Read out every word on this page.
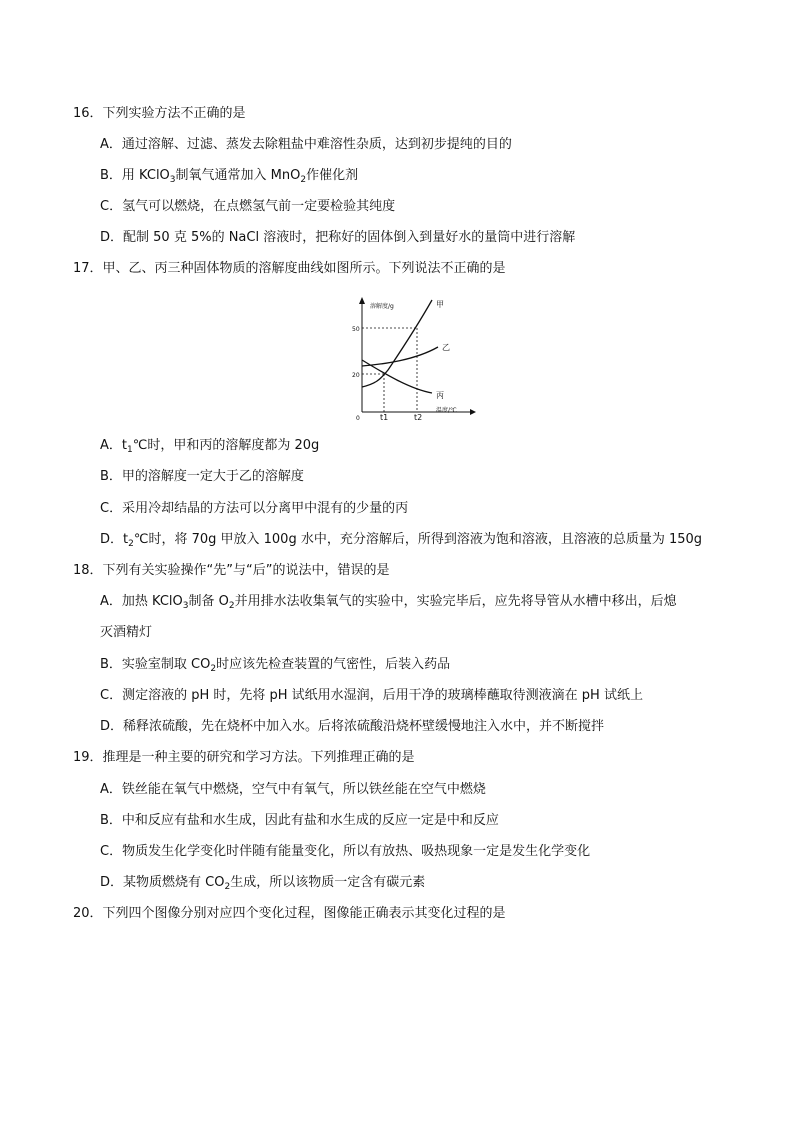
溶解度/g
温度/℃
0
50
20
t1	t2
甲
乙
丙
16．下列实验方法不正确的是
A．通过溶解、过滤、蒸发去除粗盐中难溶性杂质，达到初步提纯的目的
B．用 KClO$_3$制氧气通常加入 MnO$_2$作催化剂
C．氢气可以燃烧，在点燃氢气前一定要检验其纯度
D．配制 50 克 5%的 NaCl 溶液时，把称好的固体倒入到量好水的量筒中进行溶解
17．甲、乙、丙三种固体物质的溶解度曲线如图所示。下列说法不正确的是
A．$t_1℃$时，甲和丙的溶解度都为 20g
B．甲的溶解度一定大于乙的溶解度
C．采用冷却结晶的方法可以分离甲中混有的少量的丙
D．$t_2℃$时，将 70g 甲放入 100g 水中，充分溶解后，所得到溶液为饱和溶液，且溶液的总质量为 150g
18．下列有关实验操作“先”与“后”的说法中，错误的是
A．加热 KClO$_3$制备 $O_2$并用排水法收集氧气的实验中，实验完毕后，应先将导管从水槽中移出，后熄
灭酒精灯
B．实验室制取 $CO_2$时应该先检查装置的气密性，后装入药品
C．测定溶液的 pH 时，先将 pH 试纸用水湿润，后用干净的玻璃棒蘸取待测液滴在 pH 试纸上
D．稀释浓硫酸，先在烧杯中加入水。后将浓硫酸沿烧杯壁缓慢地注入水中，并不断搅拌
19．推理是一种主要的研究和学习方法。下列推理正确的是
A．铁丝能在氧气中燃烧，空气中有氧气，所以铁丝能在空气中燃烧
B．中和反应有盐和水生成，因此有盐和水生成的反应一定是中和反应
C．物质发生化学变化时伴随有能量变化，所以有放热、吸热现象一定是发生化学变化
D．某物质燃烧有 $CO_2$生成，所以该物质一定含有碳元素
20．下列四个图像分别对应四个变化过程，图像能正确表示其变化过程的是
